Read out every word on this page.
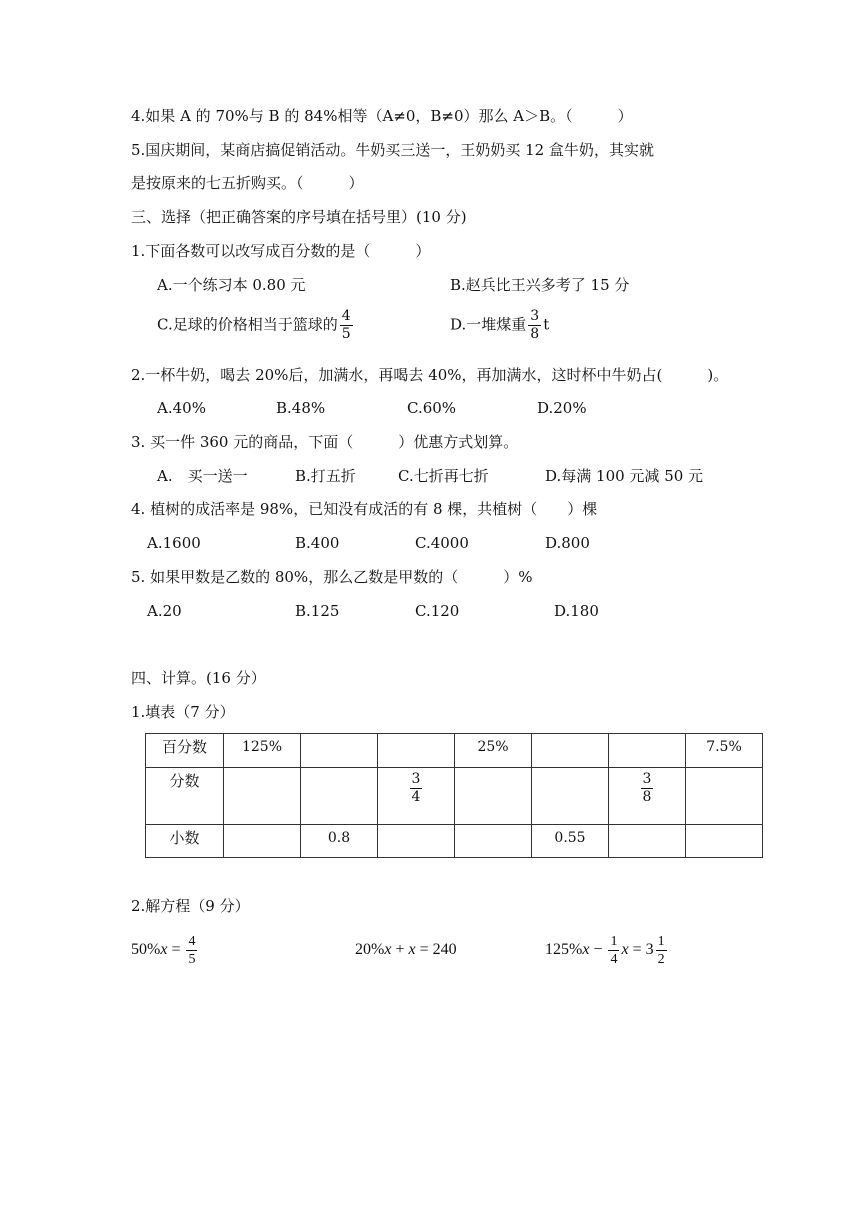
4.如果 A 的 70%与 B 的 84%相等（A≠0，B≠0）那么 A＞B。（　　　）
5.国庆期间，某商店搞促销活动。牛奶买三送一，王奶奶买 12 盒牛奶，其实就
是按原来的七五折购买。（　　　）
三、选择（把正确答案的序号填在括号里）(10 分)
1.下面各数可以改写成百分数的是（　　　）
A.一个练习本 0.80 元	B.赵兵比王兴多考了 15 分
C.足球的价格相当于篮球的 $\frac{4}{5}$	D.一堆煤重 $\frac{3}{8}$ t
2.一杯牛奶，喝去 20%后，加满水，再喝去 40%，再加满水，这时杯中牛奶占(　　　)。
A.40%	B.48%	C.60%	D.20%
3. 买一件 360 元的商品，下面（　　　）优惠方式划算。
A.　买一送一	B.打五折	C.七折再七折	D.每满 100 元减 50 元
4. 植树的成活率是 98%，已知没有成活的有 8 棵，共植树（　　）棵
A.1600	B.400	C.4000	D.800
5. 如果甲数是乙数的 80%，那么乙数是甲数的（　　　）%
A.20	B.125	C.120	D.180
四、计算。(16 分）
1.填表（7 分）
百分数	125%			25%			7.5%
分数			$\frac{3}{4}$			$\frac{3}{8}$

小数		0.8			0.55		
2.解方程（9 分）
$50\%x = \frac{4}{5}$	20%x + x = 240	$125\%x - \frac{1}{4}$ $x = 3 \frac{1}{2}$
